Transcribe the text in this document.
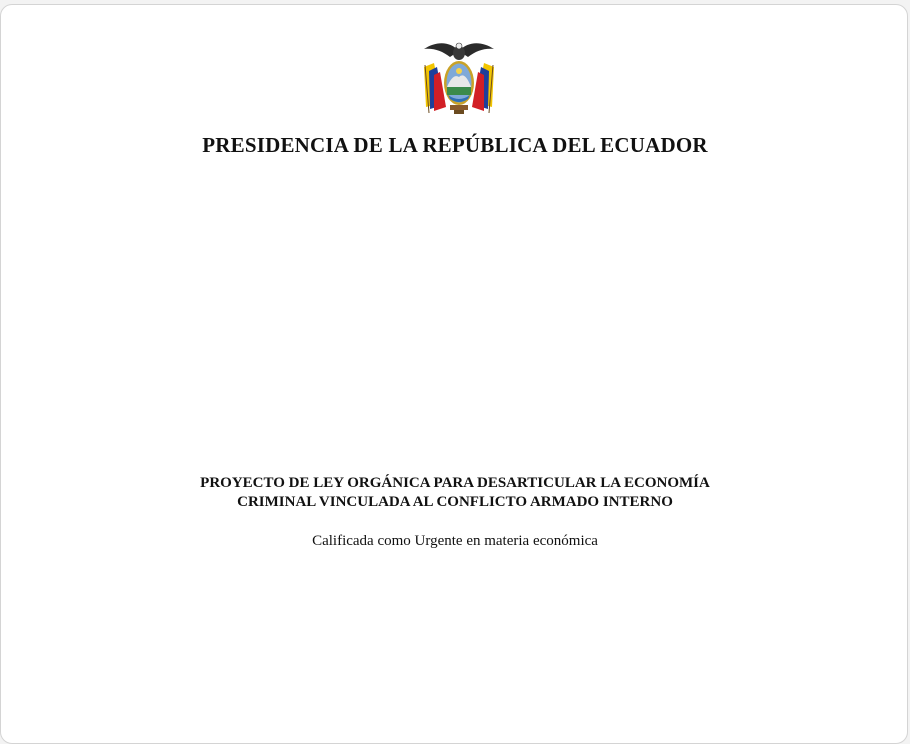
PRESIDENCIA DE LA REPÚBLICA DEL ECUADOR
PROYECTO DE LEY ORGÁNICA PARA DESARTICULAR LA ECONOMÍA
CRIMINAL VINCULADA AL CONFLICTO ARMADO INTERNO
Calificada como Urgente en materia económica
